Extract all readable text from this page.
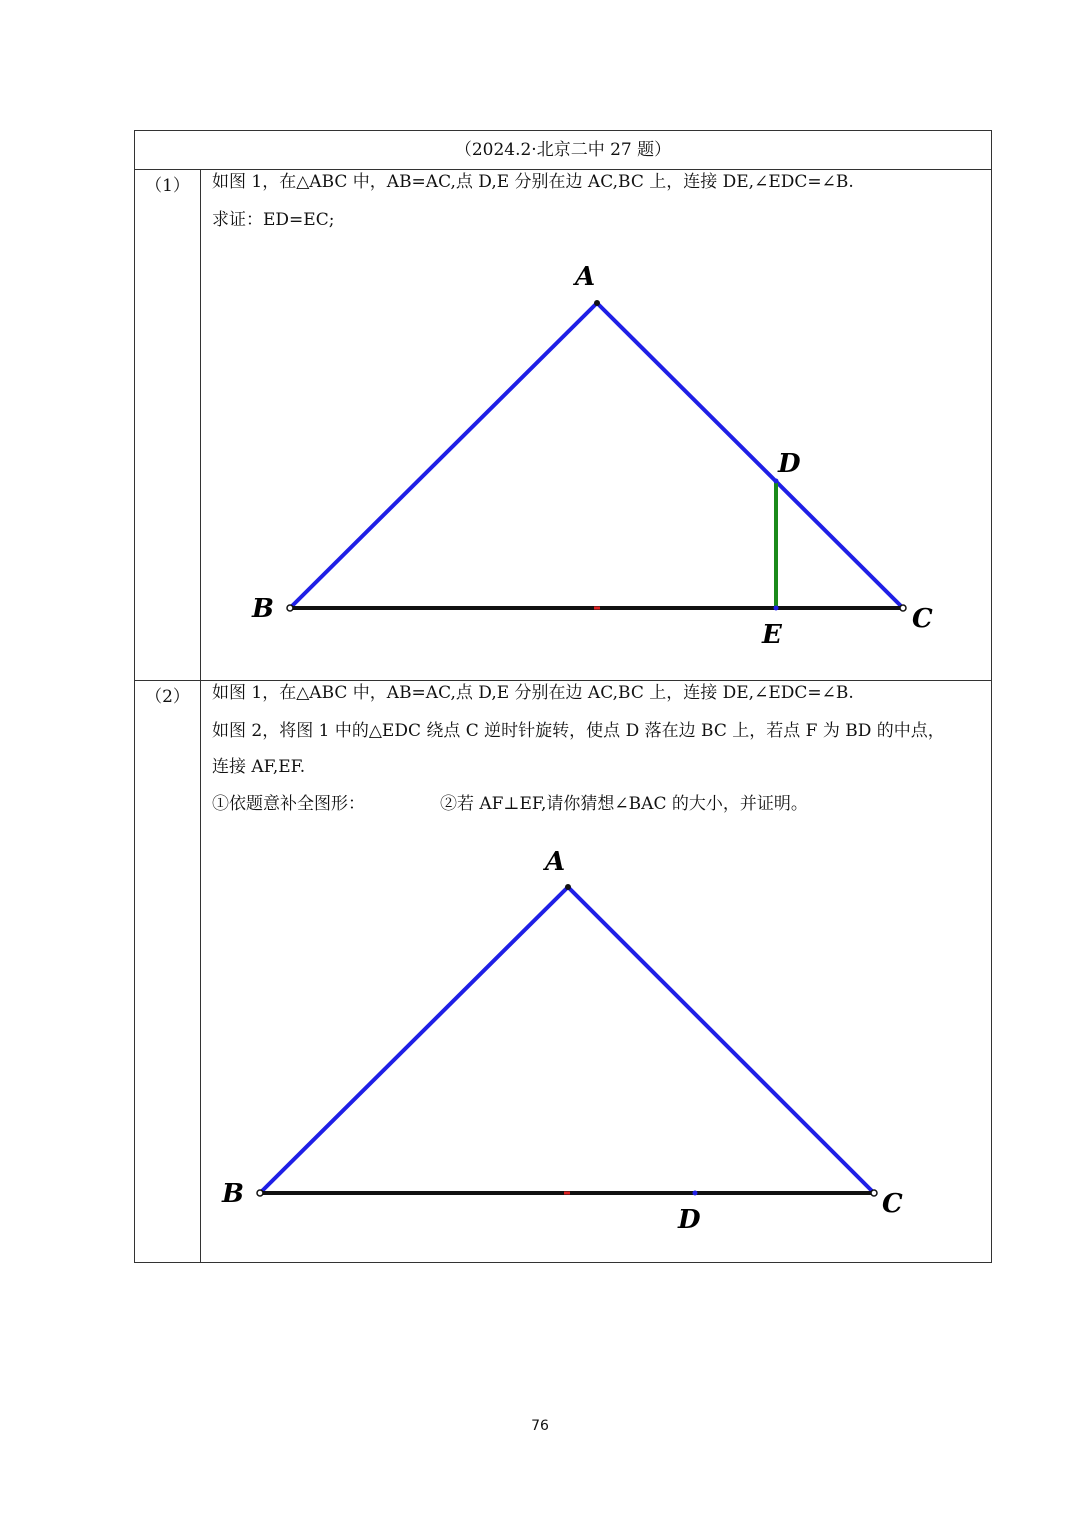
（2024.2·北京二中 27 题）
（1）	如图 1，在△ABC 中，AB=AC,点 D,E 分别在边 AC,BC 上，连接 DE,∠EDC=∠B.
求证：ED=EC;
（2）	如图 1，在△ABC 中，AB=AC,点 D,E 分别在边 AC,BC 上，连接 DE,∠EDC=∠B.
如图 2，将图 1 中的△EDC 绕点 C 逆时针旋转，使点 D 落在边 BC 上，若点 F 为 BD 的中点，
连接 AF,EF.
①依题意补全图形：	②若 AF⊥EF,请你猜想∠BAC 的大小，并证明。
A
B	C
D
E
A
B	C
D
76
